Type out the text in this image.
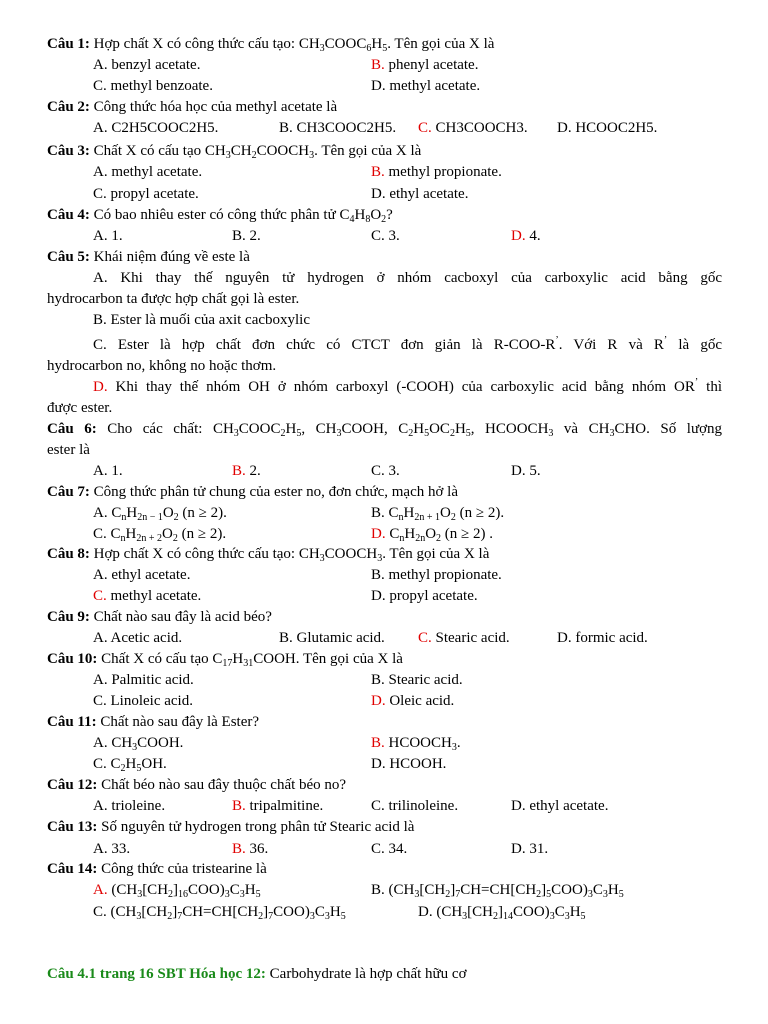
Câu 1: Hợp chất X có công thức cấu tạo: $CH_3COOC_6H_5$. Tên gọi của X là
A. benzyl acetate.	B. phenyl acetate.
C. methyl benzoate.	D. methyl acetate.
Câu 2: Công thức hóa học của methyl acetate là
A. C2H5COOC2H5.	B. CH3COOC2H5. C. CH3COOCH3. D. HCOOC2H5.
Câu 3: Chất X có cấu tạo $CH_3CH_2COOCH_3$. Tên gọi của X là
A. methyl acetate.	B. methyl propionate.
C. propyl acetate.	D. ethyl acetate.
Câu 4: Có bao nhiêu ester có công thức phân tử $C_4H_8O_2$?
A. 1.	B. 2.	C. 3.	D. 4.
Câu 5: Khái niệm đúng về este là
A. Khi thay thế nguyên tử hydrogen ở nhóm cacboxyl của carboxylic acid bằng gốc
hydrocarbon ta được hợp chất gọi là ester.
B. Ester là muối của axit cacboxylic
C. Ester là hợp chất đơn chức có CTCT đơn giản là R-COO-R’. Với R và R’ là gốc
hydrocarbon no, không no hoặc thơm.
D. Khi thay thế nhóm OH ở nhóm carboxyl (-COOH) của carboxylic acid bằng nhóm OR’ thì
được ester.
Câu 6: Cho các chất: $CH_3COOC_2H_5$, $CH_3COOH$, $C_2H_5OC_2H_5$, $HCOOCH_3$ và $CH_3CHO$. Số lượng
ester là
A. 1.	B. 2.	C. 3.	D. 5.
Câu 7: Công thức phân tử chung của ester no, đơn chức, mạch hở là
A. $C_nH_{2n - 1}O_2$ (n ≥ 2).	B. $C_nH_{2n + 1}O_2$ (n ≥ 2).
C. $C_nH_{2n + 2}O_2$ (n ≥ 2).	D. $C_nH_{2n}O_2$ (n ≥ 2) .
Câu 8: Hợp chất X có công thức cấu tạo: $CH_3COOCH_3$. Tên gọi của X là
A. ethyl acetate.	B. methyl propionate.
C. methyl acetate.	D. propyl acetate.
Câu 9: Chất nào sau đây là acid béo?
A. Acetic acid.	B. Glutamic acid. C. Stearic acid.	D. formic acid.
Câu 10: Chất X có cấu tạo $C_{17}H_{31}COOH$. Tên gọi của X là
A. Palmitic acid.	B. Stearic acid.
C. Linoleic acid.	D. Oleic acid.
Câu 11: Chất nào sau đây là Ester?
A. $CH_3COOH$.	B. $HCOOCH_3$.
C. $C_2H_5OH$.	D. HCOOH.
Câu 12: Chất béo nào sau đây thuộc chất béo no?
A. trioleine.	B. tripalmitine.	C. trilinoleine.	D. ethyl acetate.
Câu 13: Số nguyên tử hydrogen trong phân tử Stearic acid là
A. 33.	B. 36.	C. 34.	D. 31.
Câu 14: Công thức của tristearine là
A. $(CH_3[CH_2]_{16}COO)_3C_3H_5$	B. $(CH_3[CH_2]_7CH=CH[CH_2]_5COO)_3C_3H_5$
C. $(CH_3[CH_2]_7CH=CH[CH_2]_7COO)_3C_3H_5$	D. $(CH_3[CH_2]_{14}COO)_3C_3H_5$
Câu 4.1 trang 16 SBT Hóa học 12: Carbohydrate là hợp chất hữu cơ
